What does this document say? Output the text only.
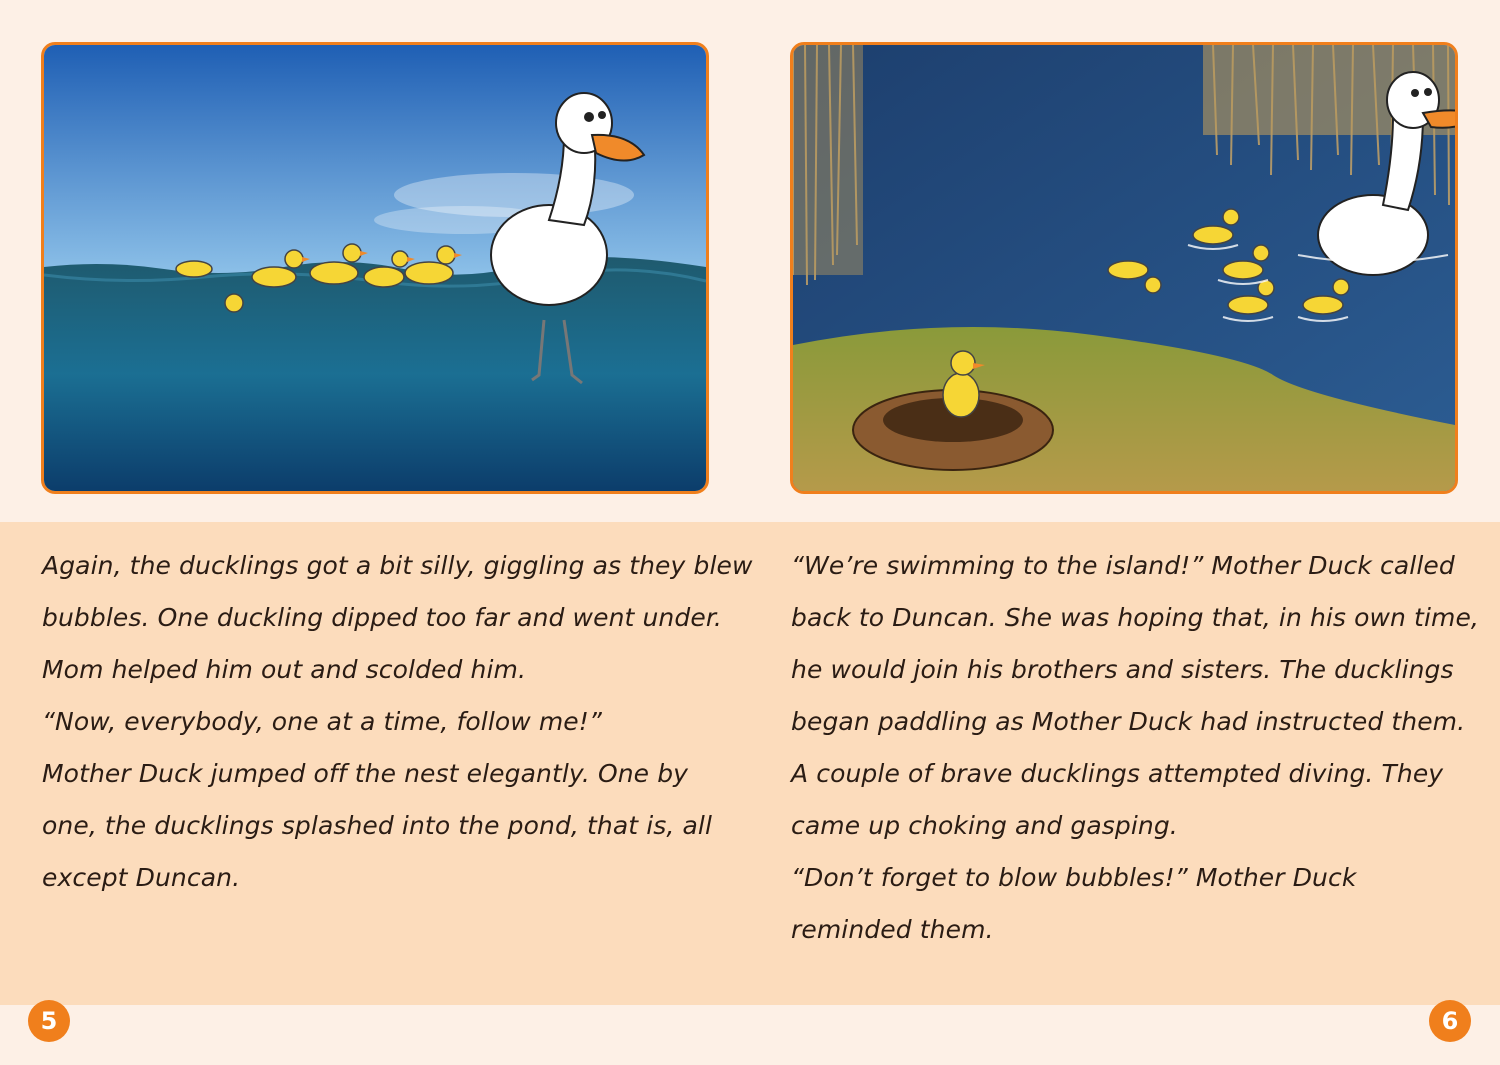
Again, the ducklings got a bit silly, giggling as they blew
bubbles. One duckling dipped too far and went under.
Mom helped him out and scolded him.
“Now, everybody, one at a time, follow me!”
Mother Duck jumped off the nest elegantly. One by
one, the ducklings splashed into the pond, that is, all
except Duncan.
“We’re swimming to the island!” Mother Duck called
back to Duncan. She was hoping that, in his own time,
he would join his brothers and sisters. The ducklings
began paddling as Mother Duck had instructed them.
A couple of brave ducklings attempted diving. They
came up choking and gasping.
“Don’t forget to blow bubbles!” Mother Duck
reminded them.
5	6
